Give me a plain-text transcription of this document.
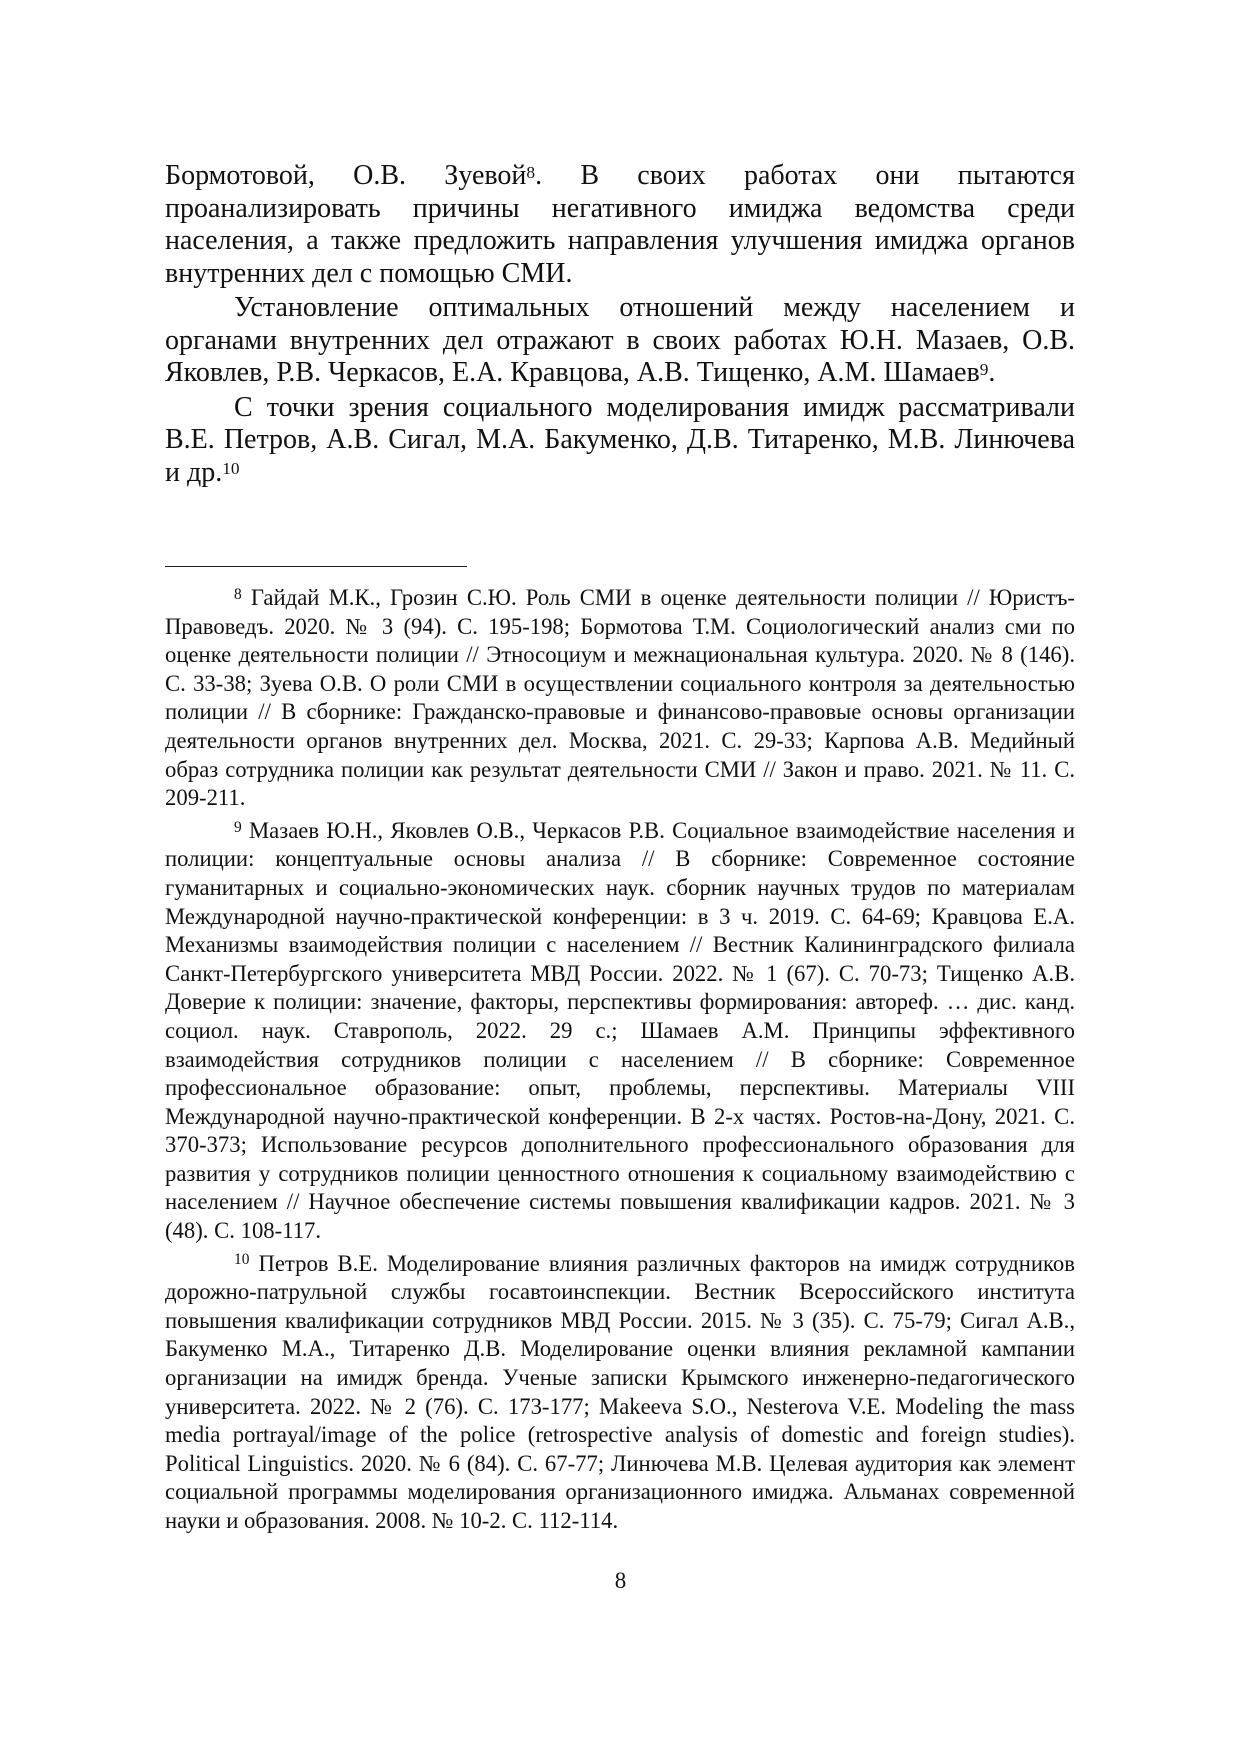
Бормотовой, О.В. Зуевой$^8$. В своих работах они пытаются проанализировать причины негативного имиджа ведомства среди населения, а также предложить направления улучшения имиджа органов внутренних дел с помощью СМИ.

Установление оптимальных отношений между населением и органами внутренних дел отражают в своих работах Ю.Н. Мазаев, О.В. Яковлев, Р.В. Черкасов, Е.А. Кравцова, А.В. Тищенко, А.М. Шамаев$^9$.

С точки зрения социального моделирования имидж рассматривали В.Е. Петров, А.В. Сигал, М.А. Бакуменко, Д.В. Титаренко, М.В. Линючева и др.$^{10}$

$^8$ Гайдай М.К., Грозин С.Ю. Роль СМИ в оценке деятельности полиции // Юристъ-Правоведъ. 2020. № 3 (94). С. 195-198; Бормотова Т.М. Социологический анализ сми по оценке деятельности полиции // Этносоциум и межнациональная культура. 2020. № 8 (146). С. 33-38; Зуева О.В. О роли СМИ в осуществлении социального контроля за деятельностью полиции // В сборнике: Гражданско-правовые и финансово-правовые основы организации деятельности органов внутренних дел. Москва, 2021. С. 29-33; Карпова А.В. Медийный образ сотрудника полиции как результат деятельности СМИ // Закон и право. 2021. № 11. С. 209-211.

$^9$ Мазаев Ю.Н., Яковлев О.В., Черкасов Р.В. Социальное взаимодействие населения и полиции: концептуальные основы анализа // В сборнике: Современное состояние гуманитарных и социально-экономических наук. сборник научных трудов по материалам Международной научно-практической конференции: в 3 ч. 2019. С. 64-69; Кравцова Е.А. Механизмы взаимодействия полиции с населением // Вестник Калининградского филиала Санкт-Петербургского университета МВД России. 2022. № 1 (67). С. 70-73; Тищенко А.В. Доверие к полиции: значение, факторы, перспективы формирования: автореф. … дис. канд. социол. наук. Ставрополь, 2022. 29 с.; Шамаев А.М. Принципы эффективного взаимодействия сотрудников полиции с населением // В сборнике: Современное профессиональное образование: опыт, проблемы, перспективы. Материалы VIII Международной научно-практической конференции. В 2-х частях. Ростов-на-Дону, 2021. С. 370-373; Использование ресурсов дополнительного профессионального образования для развития у сотрудников полиции ценностного отношения к социальному взаимодействию с населением // Научное обеспечение системы повышения квалификации кадров. 2021. № 3 (48). С. 108-117.

$^{10}$ Петров В.Е. Моделирование влияния различных факторов на имидж сотрудников дорожно-патрульной службы госавтоинспекции. Вестник Всероссийского института повышения квалификации сотрудников МВД России. 2015. № 3 (35). С. 75-79; Сигал А.В., Бакуменко М.А., Титаренко Д.В. Моделирование оценки влияния рекламной кампании организации на имидж бренда. Ученые записки Крымского инженерно-педагогического университета. 2022. № 2 (76). С. 173-177; Makeeva S.O., Nesterova V.E. Modeling the mass media portrayal/image of the police (retrospective analysis of domestic and foreign studies). Political Linguistics. 2020. № 6 (84). С. 67-77; Линючева М.В. Целевая аудитория как элемент социальной программы моделирования организационного имиджа. Альманах современной науки и образования. 2008. № 10-2. С. 112-114.

8
